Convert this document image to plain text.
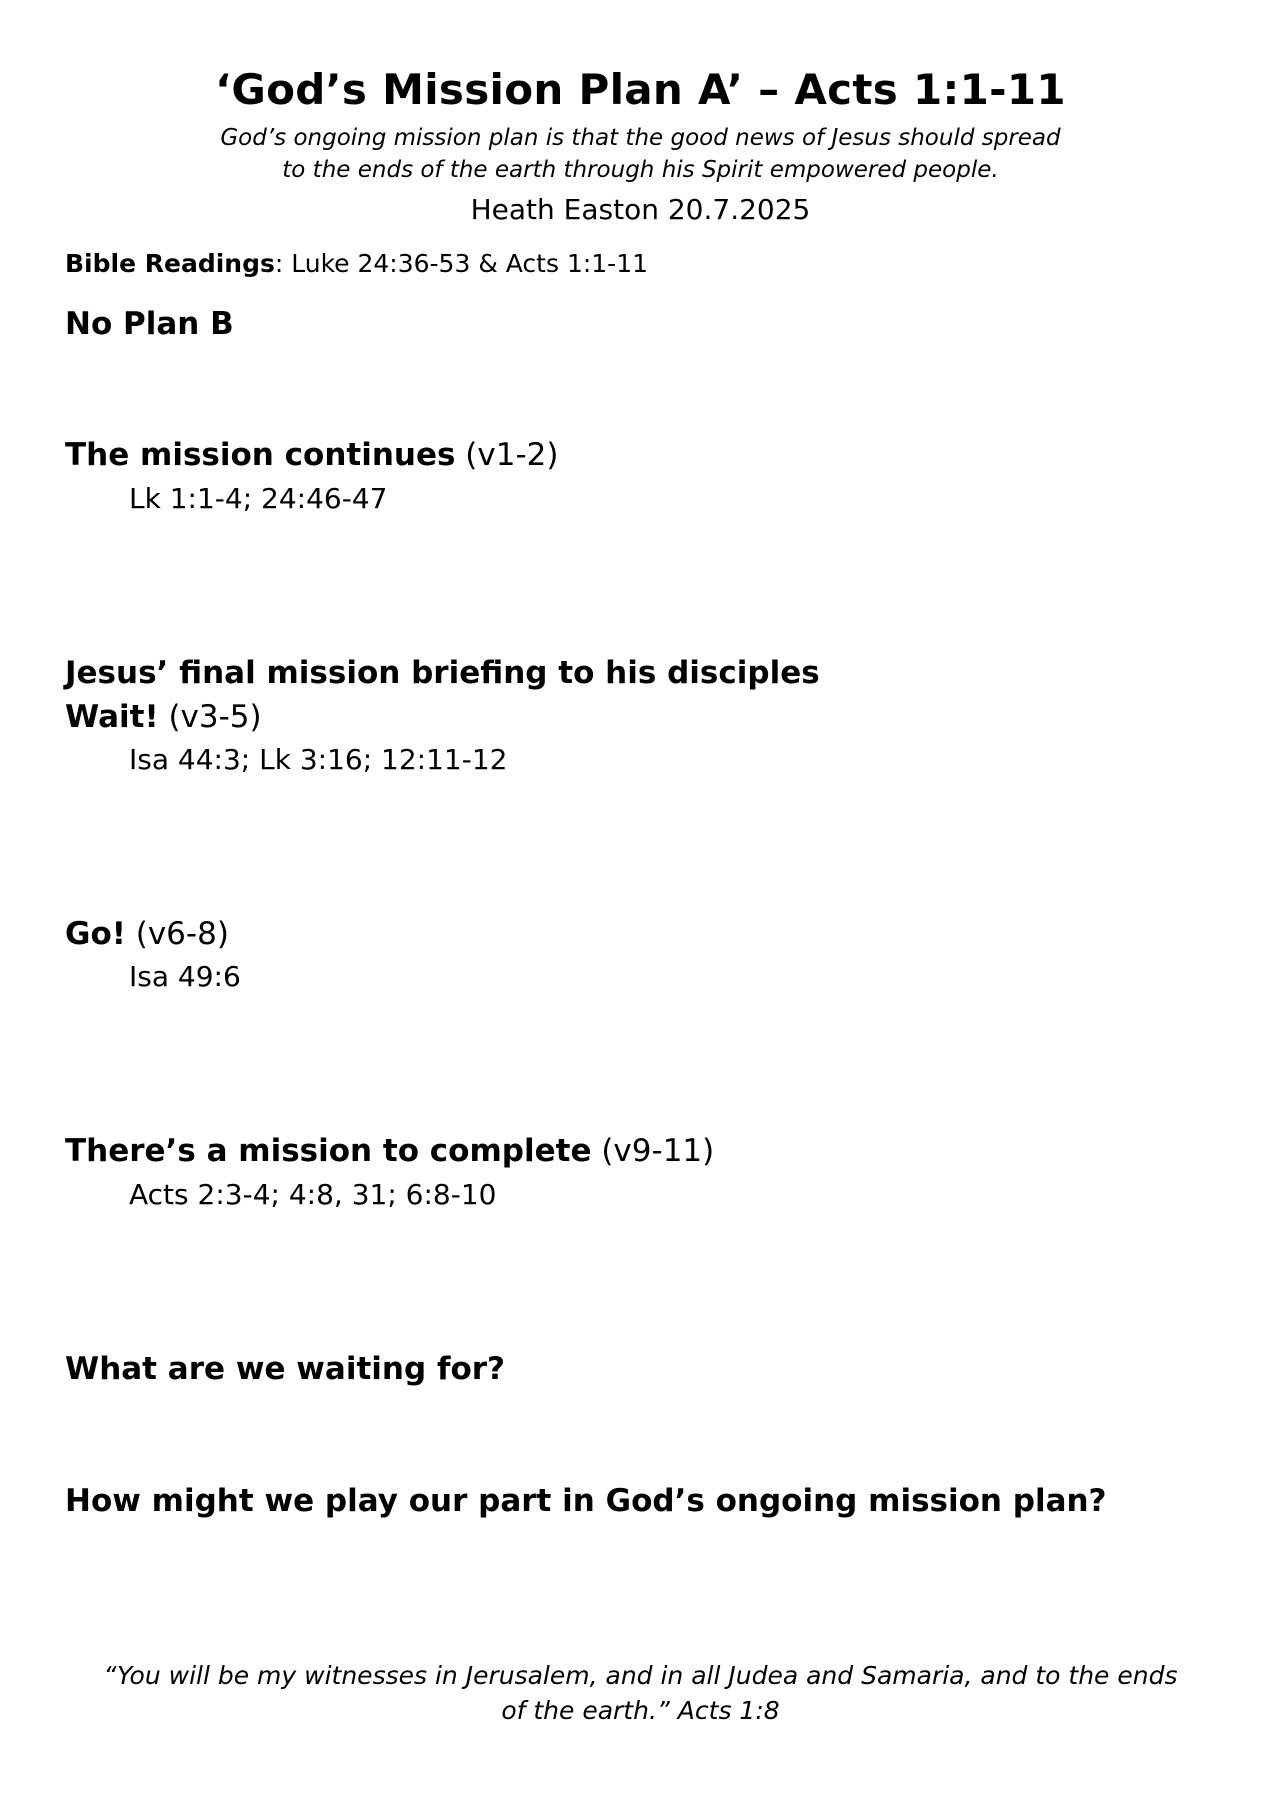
‘God’s Mission Plan A’ – Acts 1:1-11
God’s ongoing mission plan is that the good news of Jesus should spread
to the ends of the earth through his Spirit empowered people.
Heath Easton 20.7.2025
Bible Readings: Luke 24:36-53 & Acts 1:1-11
No Plan B
The mission continues (v1-2)
Lk 1:1-4; 24:46-47
Jesus’ final mission briefing to his disciples
Wait! (v3-5)
Isa 44:3; Lk 3:16; 12:11-12
Go! (v6-8)
Isa 49:6
There’s a mission to complete (v9-11)
Acts 2:3-4; 4:8, 31; 6:8-10
What are we waiting for?
How might we play our part in God’s ongoing mission plan?
“You will be my witnesses in Jerusalem, and in all Judea and Samaria, and to the ends
of the earth.” Acts 1:8
